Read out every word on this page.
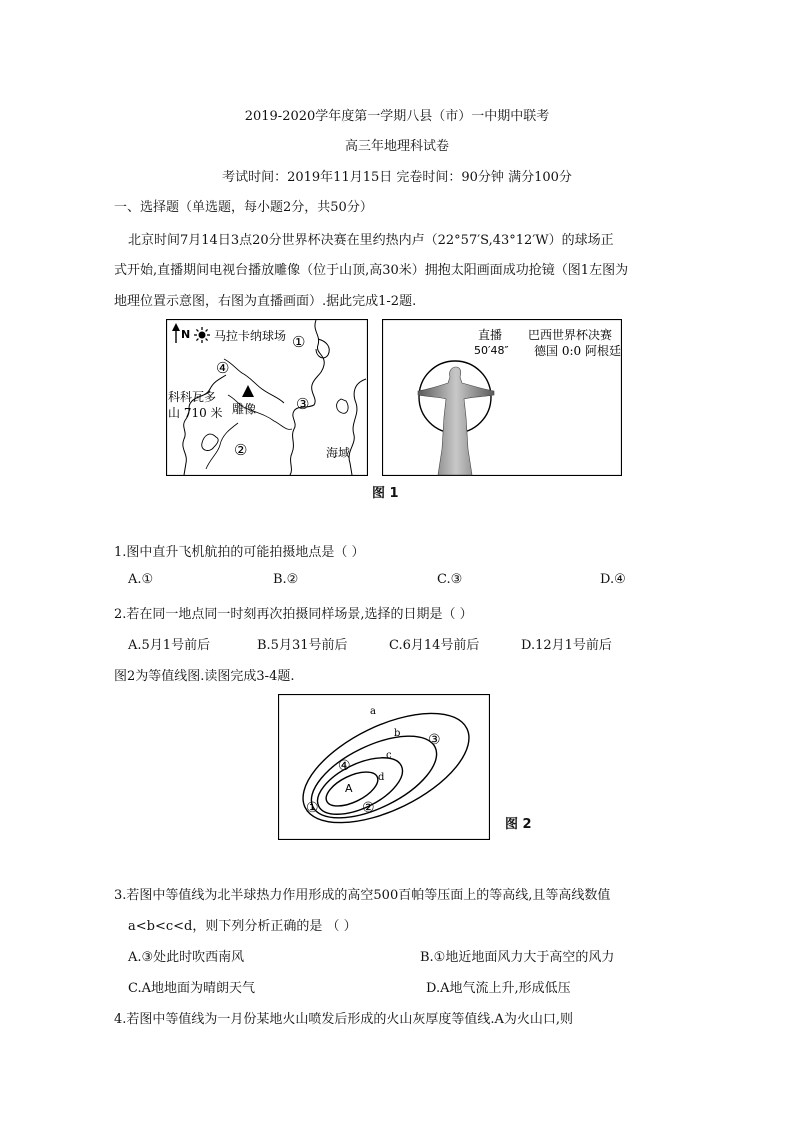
2019-2020学年度第一学期八县（市）一中期中联考
高三年地理科试卷
考试时间：2019年11月15日 完卷时间：90分钟 满分100分
一、选择题（单选题，每小题2分，共50分）
北京时间7月14日3点20分世界杯决赛在里约热内卢（22°57′S,43°12′W）的球场正
式开始,直播期间电视台播放雕像（位于山顶,高30米）拥抱太阳画面成功抢镜（图1左图为
地理位置示意图，右图为直播画面）.据此完成1-2题.
N 马拉卡纳球场 ①
④
科科瓦多
山 710 米 雕像	③
②	海域
直播
50′48″
巴西世界杯决赛
德国 0:0 阿根廷
图 1
1.图中直升飞机航拍的可能拍摄地点是（ ）
A.①	B.②	C.③	D.④
2.若在同一地点同一时刻再次拍摄同样场景,选择的日期是（ ）
A.5月1号前后	B.5月31号前后	C.6月14号前后	D.12月1号前后
图2为等值线图.读图完成3-4题.
a
b
c
d
A
③
④
①	②
图 2
3.若图中等值线为北半球热力作用形成的高空500百帕等压面上的等高线,且等高线数值
a<b<c<d，则下列分析正确的是 （ ）
A.③处此时吹西南风	B.①地近地面风力大于高空的风力
C.A地地面为晴朗天气	D.A地气流上升,形成低压
4.若图中等值线为一月份某地火山喷发后形成的火山灰厚度等值线.A为火山口,则
